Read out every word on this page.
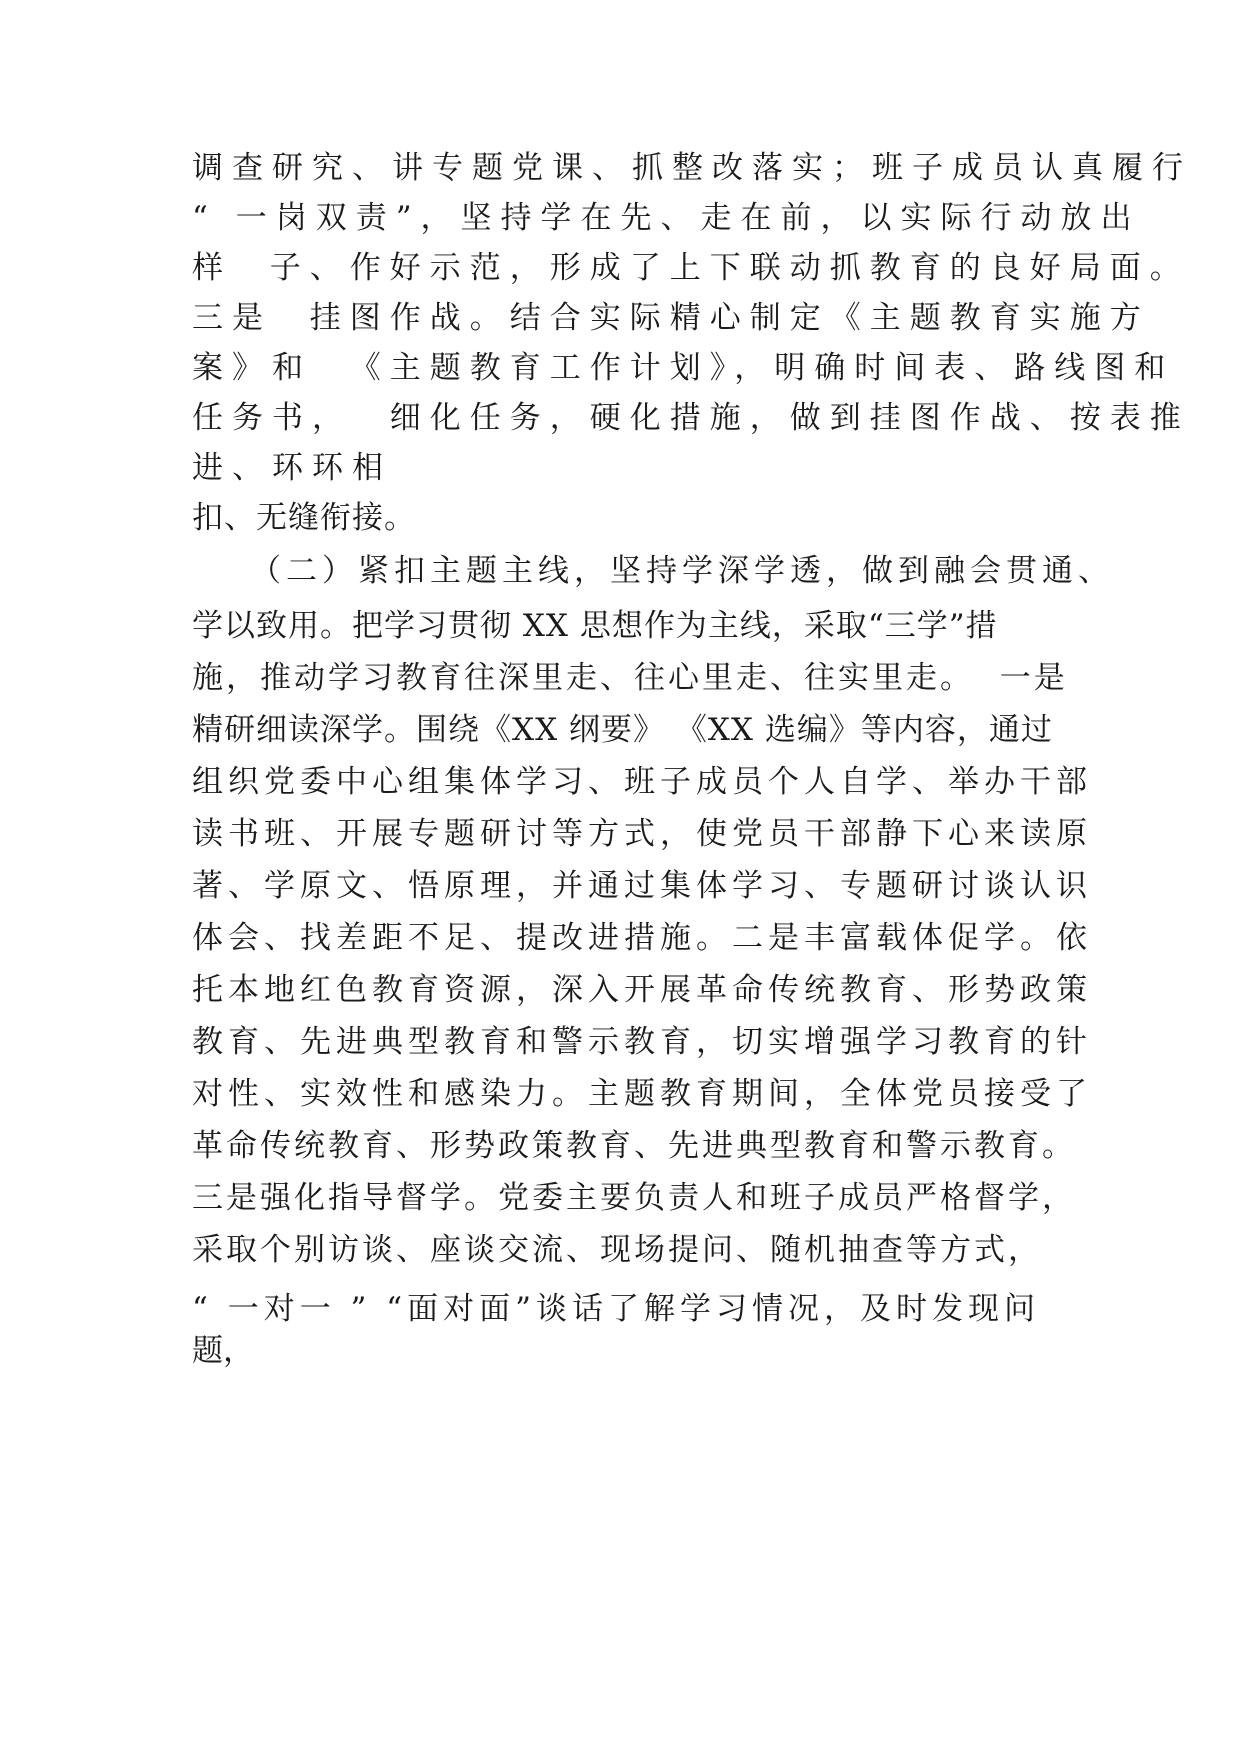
调查研究、讲专题党课、抓整改落实；班子成员认真履行

“ 一岗双责”，坚持学在先、走在前，以实际行动放出

样  子、作好示范，形成了上下联动抓教育的良好局面。

三是  挂图作战。结合实际精心制定《主题教育实施方

案》和  《主题教育工作计划》，明确时间表、路线图和

任务书，  细化任务，硬化措施，做到挂图作战、按表推

进、环环相

扣、无缝衔接。

（二）紧扣主题主线，坚持学深学透，做到融会贯通、

学以致用。把学习贯彻 XX 思想作为主线，采取“三学”措

施，推动学习教育往深里走、往心里走、往实里走。  一是

精研细读深学。围绕《XX 纲要》 《XX 选编》等内容，通过

组织党委中心组集体学习、班子成员个人自学、举办干部

读书班、开展专题研讨等方式，使党员干部静下心来读原

著、学原文、悟原理，并通过集体学习、专题研讨谈认识

体会、找差距不足、提改进措施。二是丰富载体促学。依

托本地红色教育资源，深入开展革命传统教育、形势政策

教育、先进典型教育和警示教育，切实增强学习教育的针

对性、实效性和感染力。主题教育期间，全体党员接受了

革命传统教育、形势政策教育、先进典型教育和警示教育。

三是强化指导督学。党委主要负责人和班子成员严格督学，

采取个别访谈、座谈交流、现场提问、随机抽查等方式，

“ 一对一 ” “面对面”谈话了解学习情况，及时发现问

题，
